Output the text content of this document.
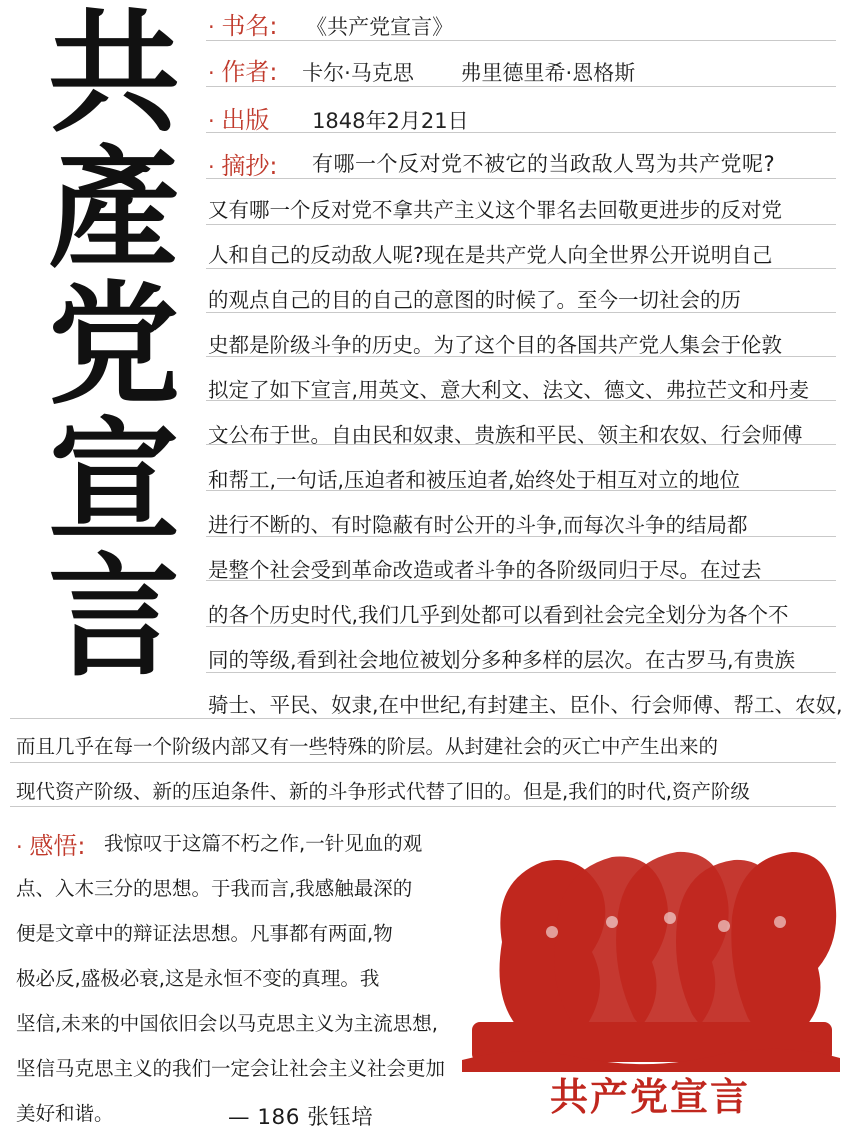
共
產
党
宣
言
· 书名: 《共产党宣言》
· 作者: 卡尔·马克思 弗里德里希·恩格斯
· 出版 1848年2月21日
· 摘抄: 有哪一个反对党不被它的当政敌人骂为共产党呢?
又有哪一个反对党不拿共产主义这个罪名去回敬更进步的反对党
人和自己的反动敌人呢?现在是共产党人向全世界公开说明自己
的观点自己的目的自己的意图的时候了。至今一切社会的历
史都是阶级斗争的历史。为了这个目的各国共产党人集会于伦敦
拟定了如下宣言,用英文、意大利文、法文、德文、弗拉芒文和丹麦
文公布于世。自由民和奴隶、贵族和平民、领主和农奴、行会师傅
和帮工,一句话,压迫者和被压迫者,始终处于相互对立的地位
进行不断的、有时隐蔽有时公开的斗争,而每次斗争的结局都
是整个社会受到革命改造或者斗争的各阶级同归于尽。在过去
的各个历史时代,我们几乎到处都可以看到社会完全划分为各个不
同的等级,看到社会地位被划分多种多样的层次。在古罗马,有贵族
骑士、平民、奴隶,在中世纪,有封建主、臣仆、行会师傅、帮工、农奴,
而且几乎在每一个阶级内部又有一些特殊的阶层。从封建社会的灭亡中产生出来的
现代资产阶级、新的压迫条件、新的斗争形式代替了旧的。但是,我们的时代,资产阶级
· 感悟: 我惊叹于这篇不朽之作,一针见血的观
点、入木三分的思想。于我而言,我感触最深的
便是文章中的辩证法思想。凡事都有两面,物
极必反,盛极必衰,这是永恒不变的真理。我
坚信,未来的中国依旧会以马克思主义为主流思想,
坚信马克思主义的我们一定会让社会主义社会更加
美好和谐。	— 186 张钰培	共产党宣言
